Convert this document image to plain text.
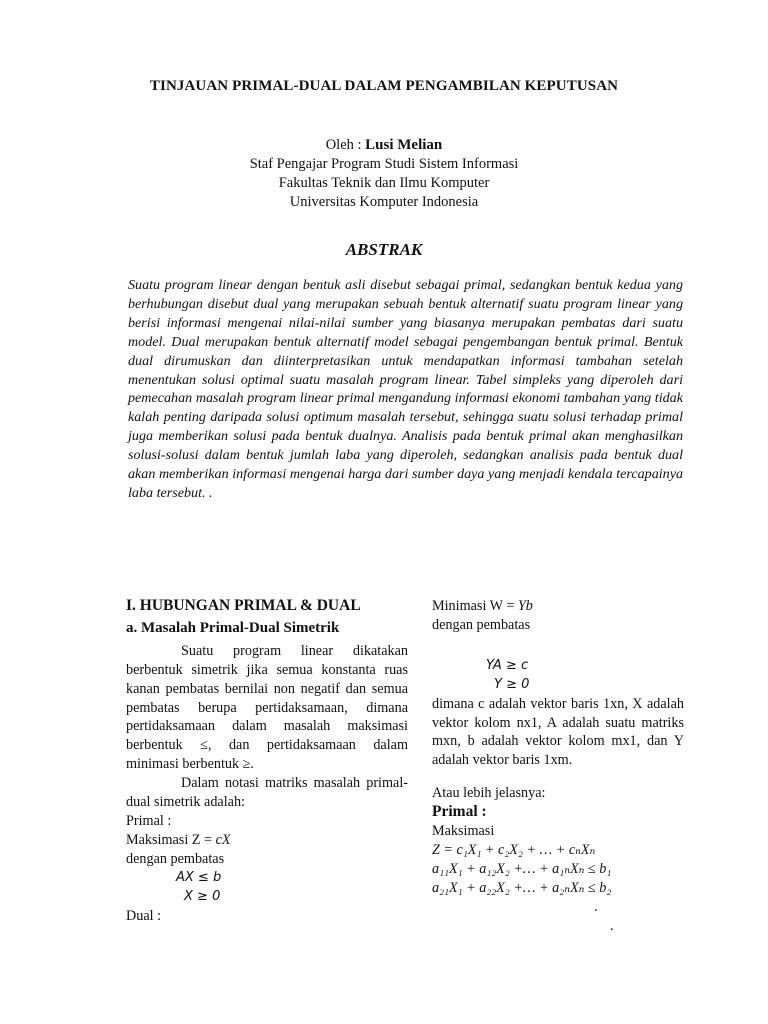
TINJAUAN PRIMAL-DUAL DALAM PENGAMBILAN KEPUTUSAN
Oleh : Lusi Melian
Staf Pengajar Program Studi Sistem Informasi
Fakultas Teknik dan Ilmu Komputer
Universitas Komputer Indonesia
ABSTRAK

Suatu program linear dengan bentuk asli disebut sebagai primal, sedangkan bentuk kedua yang berhubungan disebut dual yang merupakan sebuah bentuk alternatif suatu program linear yang berisi informasi mengenai nilai-nilai sumber yang biasanya merupakan pembatas dari suatu model. Dual merupakan bentuk alternatif model sebagai pengembangan bentuk primal. Bentuk dual dirumuskan dan diinterpretasikan untuk mendapatkan informasi tambahan setelah menentukan solusi optimal suatu masalah program linear. Tabel simpleks yang diperoleh dari pemecahan masalah program linear primal mengandung informasi ekonomi tambahan yang tidak kalah penting daripada solusi optimum masalah tersebut, sehingga suatu solusi terhadap primal juga memberikan solusi pada bentuk dualnya. Analisis pada bentuk primal akan menghasilkan solusi-solusi dalam bentuk jumlah laba yang diperoleh, sedangkan analisis pada bentuk dual akan memberikan informasi mengenai harga dari sumber daya yang menjadi kendala tercapainya laba tersebut. .

I. HUBUNGAN PRIMAL & DUAL
a. Masalah Primal-Dual Simetrik

Suatu program linear dikatakan berbentuk simetrik jika semua konstanta ruas kanan pembatas bernilai non negatif dan semua pembatas berupa pertidaksamaan, dimana pertidaksamaan dalam masalah maksimasi berbentuk ≤, dan pertidaksamaan dalam minimasi berbentuk ≥.

Dalam notasi matriks masalah primal-dual simetrik adalah:

Primal :

Maksimasi Z = cX

dengan pembatas

AX ≤ b

X ≥ 0

Dual :

Minimasi W = Yb

dengan pembatas

YA ≥ c

Y ≥ 0

dimana c adalah vektor baris 1xn, X adalah vektor kolom nx1, A adalah suatu matriks mxn, b adalah vektor kolom mx1, dan Y adalah vektor baris 1xm.

Atau lebih jelasnya:

Primal :

Maksimasi

Z = c₁X₁ + c₂X₂ + … + cₙXₙ

a₁₁X₁ + a₁₂X₂ +… + a₁ₙXₙ ≤ b₁

a₂₁X₁ + a₂₂X₂ +… + a₂ₙXₙ ≤ b₂

.

.
